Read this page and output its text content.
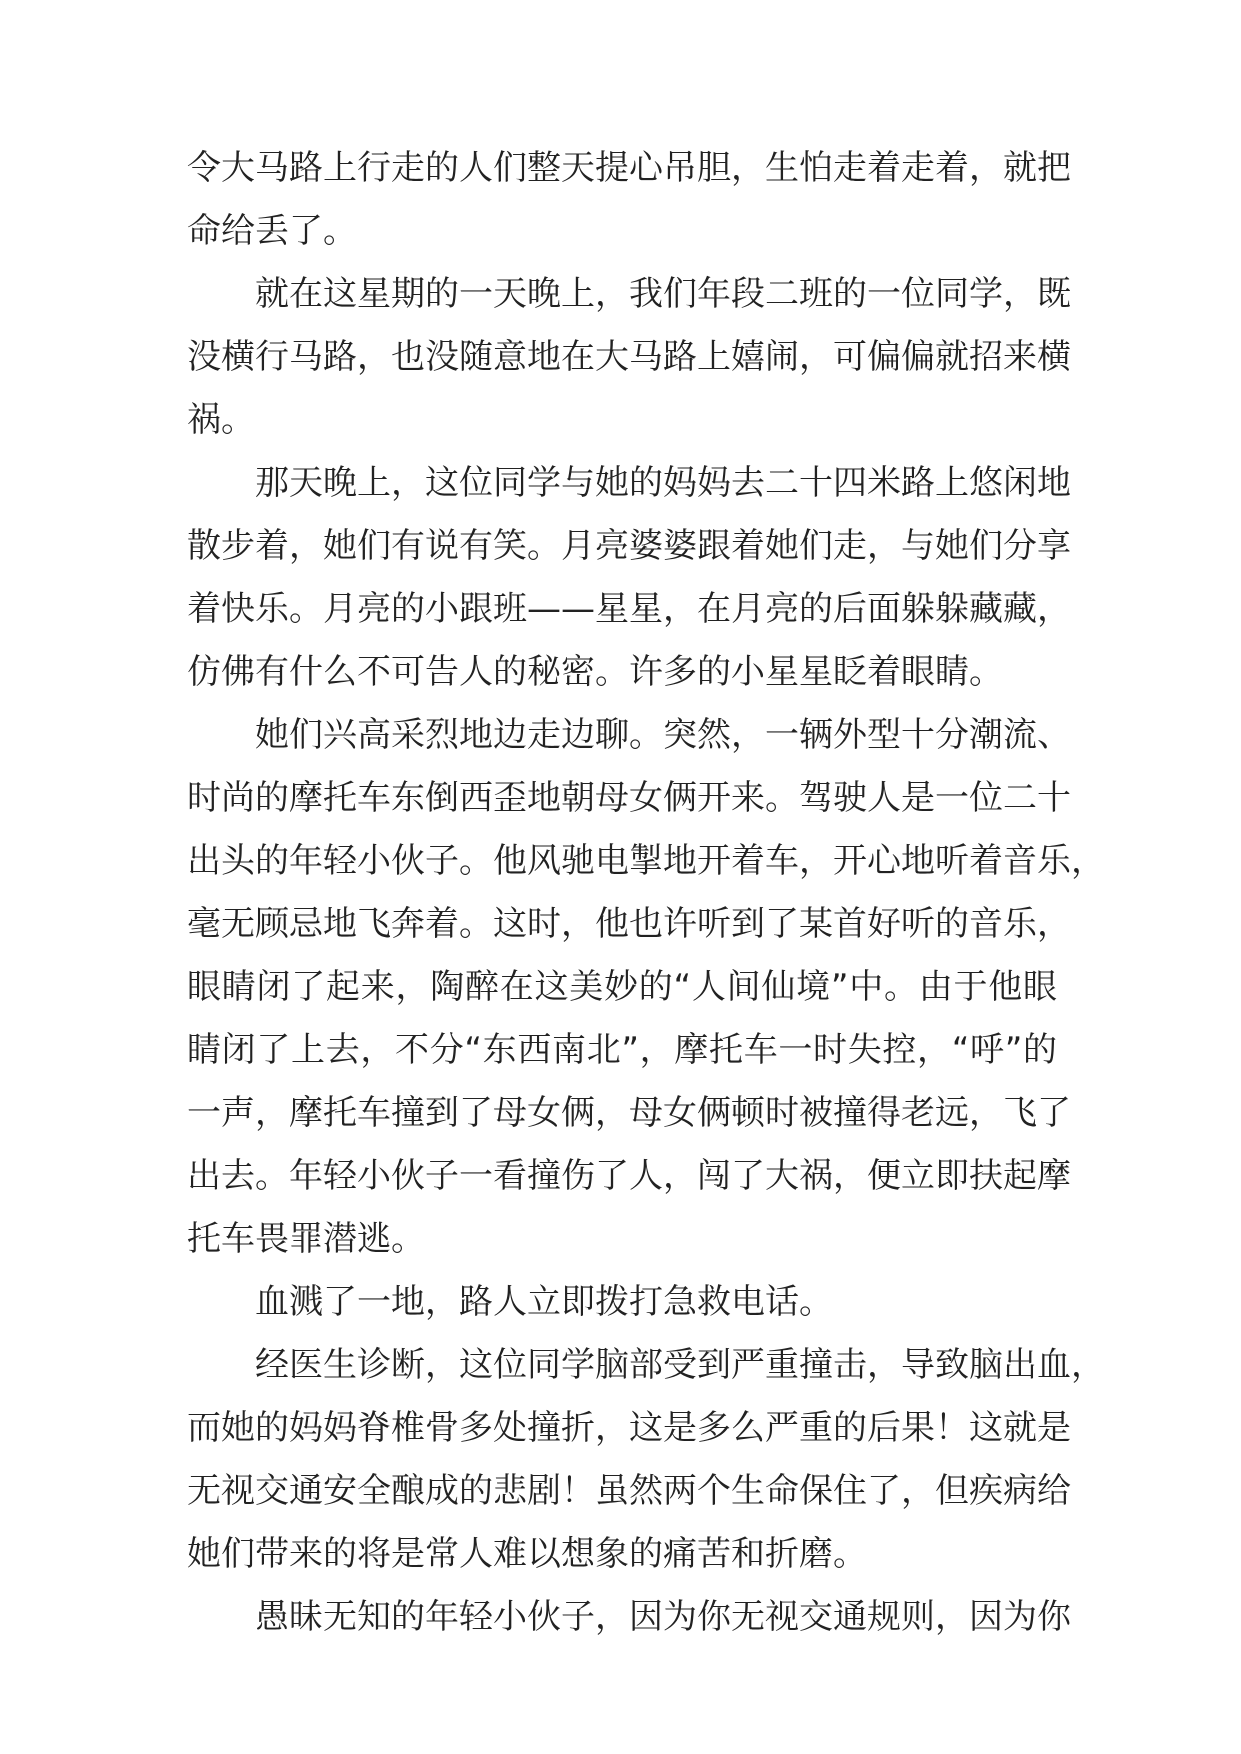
令大马路上行走的人们整天提心吊胆，生怕走着走着，就把
命给丢了。
就在这星期的一天晚上，我们年段二班的一位同学，既
没横行马路，也没随意地在大马路上嬉闹，可偏偏就招来横
祸。
那天晚上，这位同学与她的妈妈去二十四米路上悠闲地
散步着，她们有说有笑。月亮婆婆跟着她们走，与她们分享
着快乐。月亮的小跟班——星星，在月亮的后面躲躲藏藏，
仿佛有什么不可告人的秘密。许多的小星星眨着眼睛。
她们兴高采烈地边走边聊。突然，一辆外型十分潮流、
时尚的摩托车东倒西歪地朝母女俩开来。驾驶人是一位二十
出头的年轻小伙子。他风驰电掣地开着车，开心地听着音乐，
毫无顾忌地飞奔着。这时，他也许听到了某首好听的音乐，
眼睛闭了起来，陶醉在这美妙的“人间仙境”中。由于他眼
睛闭了上去，不分“东西南北”，摩托车一时失控，“呼”的
一声，摩托车撞到了母女俩，母女俩顿时被撞得老远，飞了
出去。年轻小伙子一看撞伤了人，闯了大祸，便立即扶起摩
托车畏罪潜逃。
血溅了一地，路人立即拨打急救电话。
经医生诊断，这位同学脑部受到严重撞击，导致脑出血，
而她的妈妈脊椎骨多处撞折，这是多么严重的后果！这就是
无视交通安全酿成的悲剧！虽然两个生命保住了，但疾病给
她们带来的将是常人难以想象的痛苦和折磨。
愚昧无知的年轻小伙子，因为你无视交通规则，因为你
